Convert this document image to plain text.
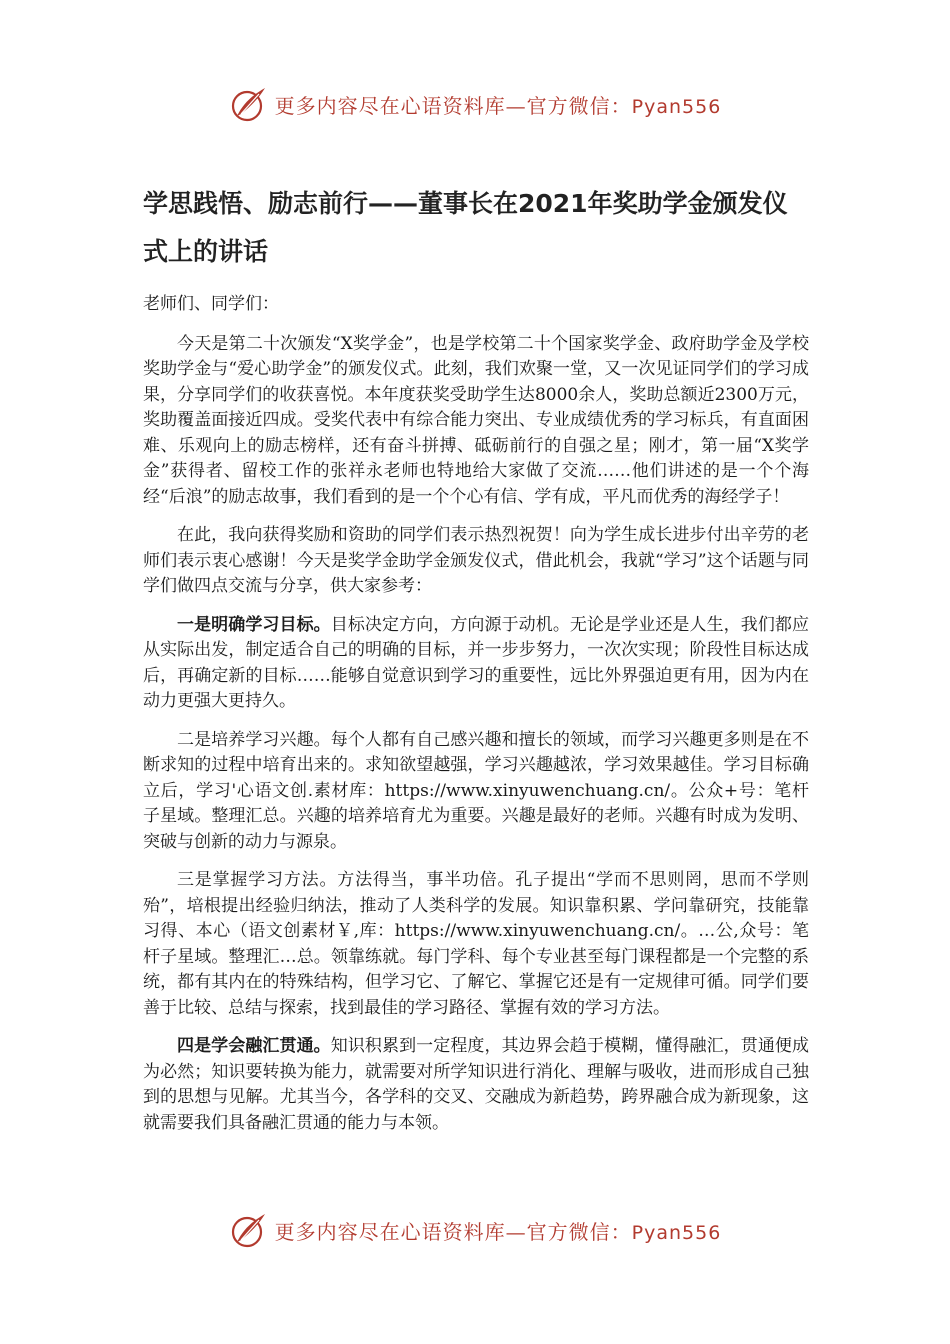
更多内容尽在心语资料库—官方微信：Pyan556
学思践悟、励志前行——董事长在2021年奖助学金颁发仪式上的讲话

老师们、同学们：

今天是第二十次颁发“X奖学金”，也是学校第二十个国家奖学金、政府助学金及学校奖助学金与“爱心助学金”的颁发仪式。此刻，我们欢聚一堂，又一次见证同学们的学习成果，分享同学们的收获喜悦。本年度获奖受助学生达8000余人，奖助总额近2300万元，奖助覆盖面接近四成。受奖代表中有综合能力突出、专业成绩优秀的学习标兵，有直面困难、乐观向上的励志榜样，还有奋斗拼搏、砥砺前行的自强之星；刚才，第一届“X奖学金”获得者、留校工作的张祥永老师也特地给大家做了交流……他们讲述的是一个个海经“后浪”的励志故事，我们看到的是一个个心有信、学有成，平凡而优秀的海经学子！

在此，我向获得奖励和资助的同学们表示热烈祝贺！向为学生成长进步付出辛劳的老师们表示衷心感谢！今天是奖学金助学金颁发仪式，借此机会，我就“学习”这个话题与同学们做四点交流与分享，供大家参考：

一是明确学习目标。目标决定方向，方向源于动机。无论是学业还是人生，我们都应从实际出发，制定适合自己的明确的目标，并一步步努力，一次次实现；阶段性目标达成后，再确定新的目标……能够自觉意识到学习的重要性，远比外界强迫更有用，因为内在动力更强大更持久。

二是培养学习兴趣。每个人都有自己感兴趣和擅长的领域，而学习兴趣更多则是在不断求知的过程中培育出来的。求知欲望越强，学习兴趣越浓，学习效果越佳。学习目标确立后，学习'心语文创.素材库：https://www.xinyuwenchuang.cn/。公众+号：笔杆子星域。整理汇总。兴趣的培养培育尤为重要。兴趣是最好的老师。兴趣有时成为发明、突破与创新的动力与源泉。

三是掌握学习方法。方法得当，事半功倍。孔子提出“学而不思则罔，思而不学则殆”，培根提出经验归纳法，推动了人类科学的发展。知识靠积累、学问靠研究，技能靠习得、本心（语文创素材￥,库：https://www.xinyuwenchuang.cn/。…公,众号：笔杆子星域。整理汇…总。领靠练就。每门学科、每个专业甚至每门课程都是一个完整的系统，都有其内在的特殊结构，但学习它、了解它、掌握它还是有一定规律可循。同学们要善于比较、总结与探索，找到最佳的学习路径、掌握有效的学习方法。

四是学会融汇贯通。知识积累到一定程度，其边界会趋于模糊，懂得融汇，贯通便成为必然；知识要转换为能力，就需要对所学知识进行消化、理解与吸收，进而形成自己独到的思想与见解。尤其当今，各学科的交叉、交融成为新趋势，跨界融合成为新现象，这就需要我们具备融汇贯通的能力与本领。

更多内容尽在心语资料库—官方微信：Pyan556
